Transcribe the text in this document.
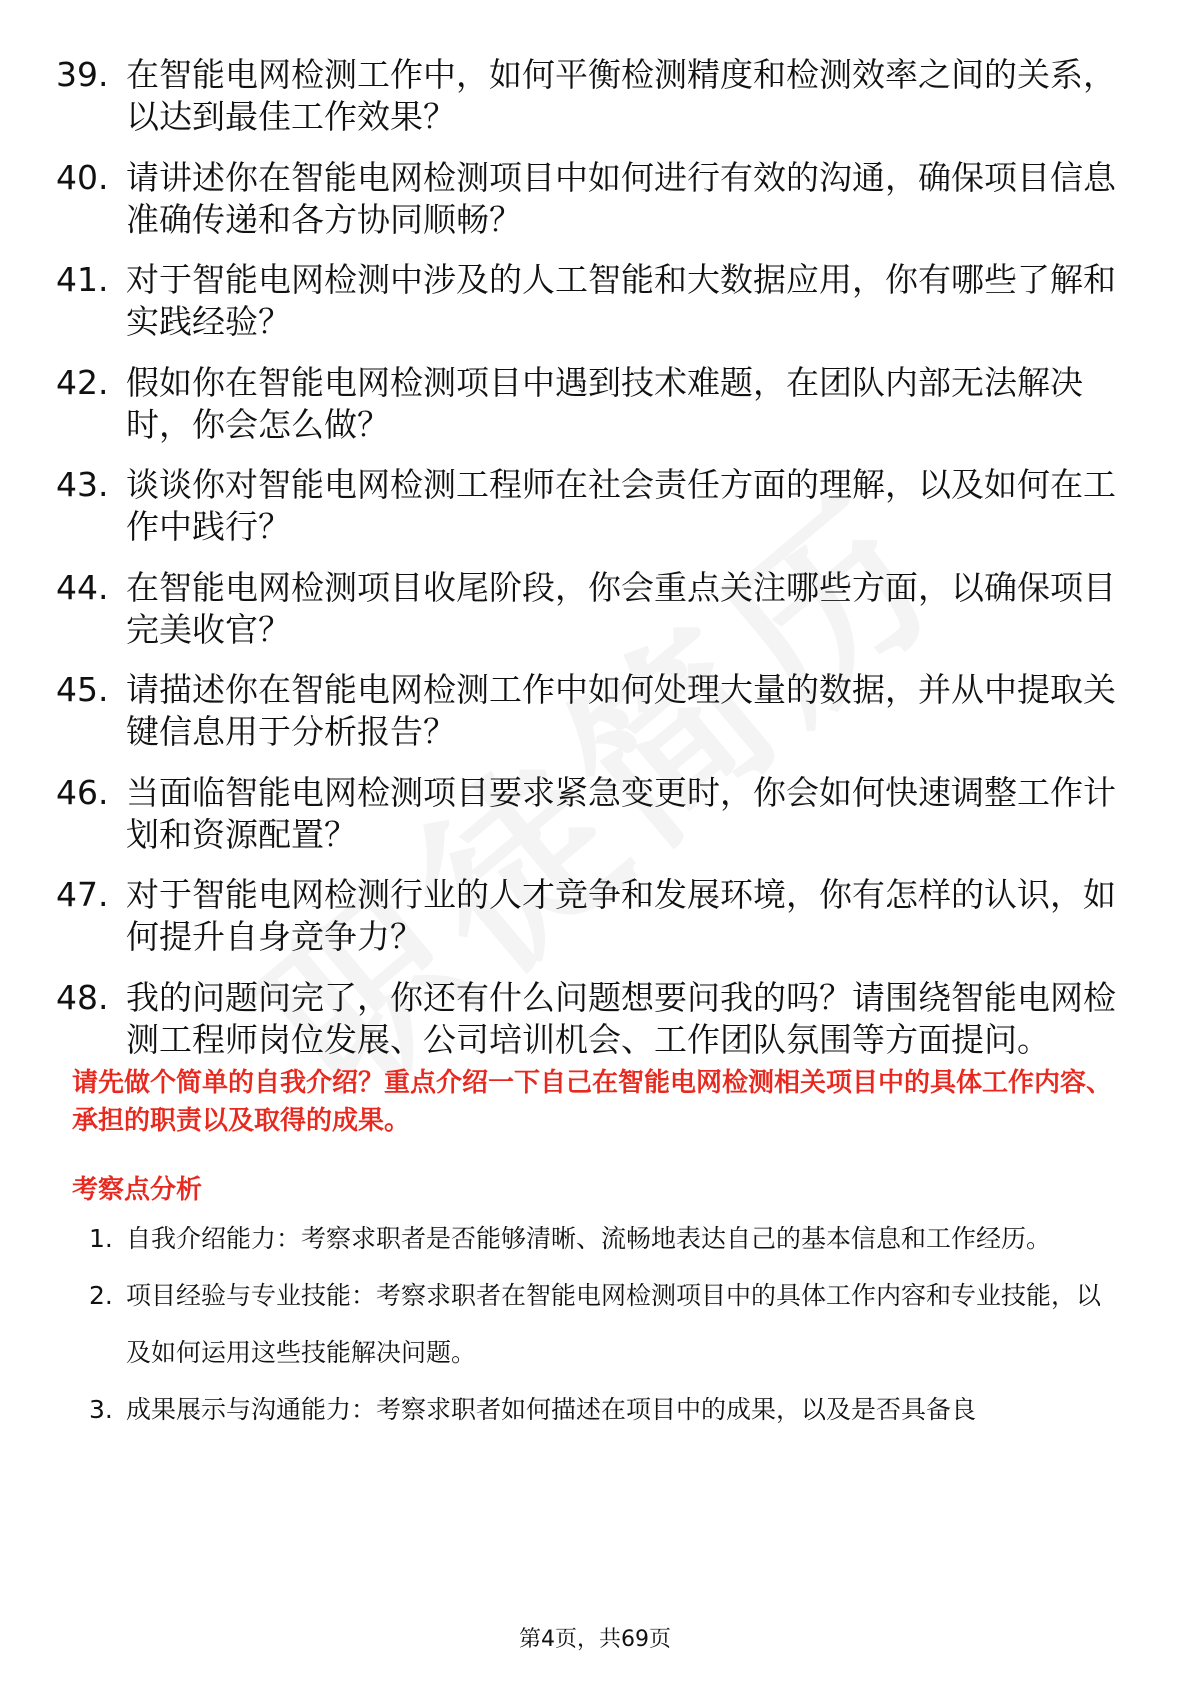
39. 在智能电网检测工作中，如何平衡检测精度和检测效率之间的关系，以达到最佳工作效果？
40. 请讲述你在智能电网检测项目中如何进行有效的沟通，确保项目信息准确传递和各方协同顺畅？
41. 对于智能电网检测中涉及的人工智能和大数据应用，你有哪些了解和实践经验？
42. 假如你在智能电网检测项目中遇到技术难题，在团队内部无法解决时，你会怎么做？
43. 谈谈你对智能电网检测工程师在社会责任方面的理解，以及如何在工作中践行？
44. 在智能电网检测项目收尾阶段，你会重点关注哪些方面，以确保项目完美收官？
45. 请描述你在智能电网检测工作中如何处理大量的数据，并从中提取关键信息用于分析报告？
46. 当面临智能电网检测项目要求紧急变更时，你会如何快速调整工作计划和资源配置？
47. 对于智能电网检测行业的人才竞争和发展环境，你有怎样的认识，如何提升自身竞争力？
48. 我的问题问完了，你还有什么问题想要问我的吗？请围绕智能电网检测工程师岗位发展、公司培训机会、工作团队氛围等方面提问。
请先做个简单的自我介绍？重点介绍一下自己在智能电网检测相关项目中的具体工作内容、承担的职责以及取得的成果。
考察点分析
1. 自我介绍能力：考察求职者是否能够清晰、流畅地表达自己的基本信息和工作经历。
2. 项目经验与专业技能：考察求职者在智能电网检测项目中的具体工作内容和专业技能，以及如何运用这些技能解决问题。
3. 成果展示与沟通能力：考察求职者如何描述在项目中的成果，以及是否具备良
第4页，共69页
